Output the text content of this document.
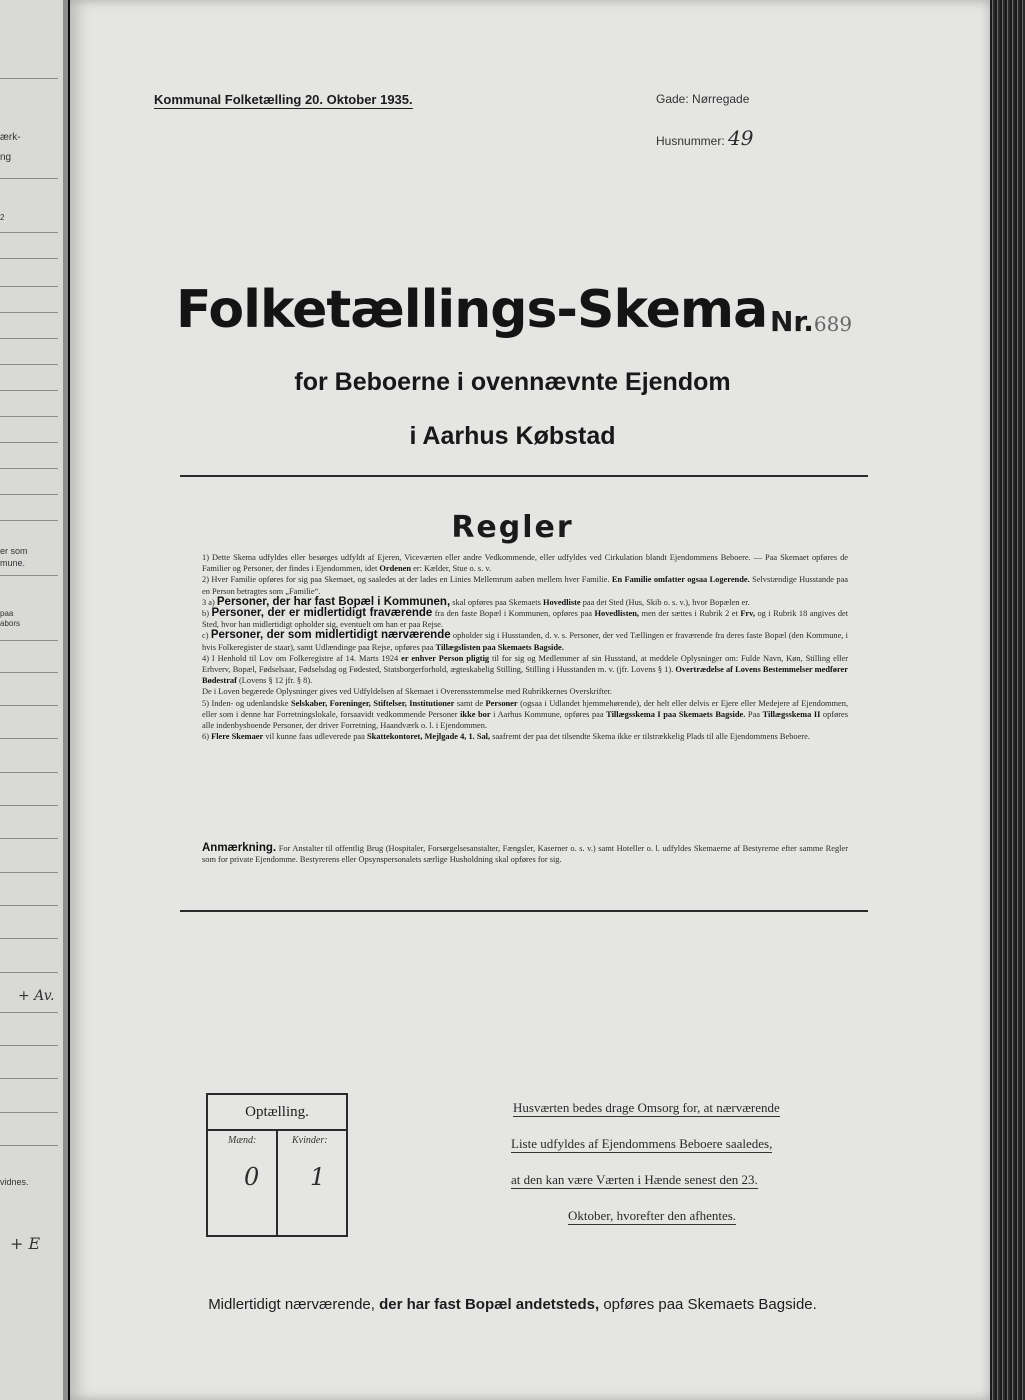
ærk-
ng
2
er som
mune.
paa
abors
+ Av.
vidnes.
+ E
Kommunal Folketælling 20. Oktober 1935.	Gade: Nørregade
Husnummer: 49
Folketællings-Skema Nr.689
for Beboerne i ovennævnte Ejendom
i Aarhus Købstad
Regler

1) Dette Skema udfyldes eller besørges udfyldt af Ejeren, Viceværten eller andre Vedkommende, eller udfyldes ved Cirkulation blandt Ejendommens Beboere. — Paa Skemaet opføres de Familier og Personer, der findes i Ejendommen, idet Ordenen er: Kælder, Stue o. s. v.

2) Hver Familie opføres for sig paa Skemaet, og saaledes at der lades en Linies Mellemrum aaben mellem hver Familie. En Familie omfatter ogsaa Logerende. Selvstændige Husstande paa en Person betragtes som „Familie“.

3 a) Personer, der har fast Bopæl i Kommunen, skal opføres paa Skemaets Hovedliste paa det Sted (Hus, Skib o. s. v.), hvor Bopælen er.

b) Personer, der er midlertidigt fraværende fra den faste Bopæl i Kommunen, opføres paa Hovedlisten, men der sættes i Rubrik 2 et Frv, og i Rubrik 18 angives det Sted, hvor han midlertidigt opholder sig, eventuelt om han er paa Rejse.

c) Personer, der som midlertidigt nærværende opholder sig i Husstanden, d. v. s. Personer, der ved Tællingen er fraværende fra deres faste Bopæl (den Kommune, i hvis Folkeregister de staar), samt Udlændinge paa Rejse, opføres paa Tillægslisten paa Skemaets Bagside.

4) I Henhold til Lov om Folkeregistre af 14. Marts 1924 er enhver Person pligtig til for sig og Medlemmer af sin Husstand, at meddele Oplysninger om: Fulde Navn, Køn, Stilling eller Erhverv, Bopæl, Fødselsaar, Fødselsdag og Fødested, Statsborgerforhold, ægteskabelig Stilling, Stilling i Husstanden m. v. (jfr. Lovens § 1). Overtrædelse af Lovens Bestemmelser medfører Bødestraf (Lovens § 12 jfr. § 8).

De i Loven begærede Oplysninger gives ved Udfyldelsen af Skemaet i Overensstemmelse med Rubrikkernes Overskrifter.

5) Inden- og udenlandske Selskaber, Foreninger, Stiftelser, Institutioner samt de Personer (ogsaa i Udlandet hjemmehørende), der helt eller delvis er Ejere eller Medejere af Ejendommen, eller som i denne har Forretningslokale, forsaavidt vedkommende Personer ikke bor i Aarhus Kommune, opføres paa Tillægsskema I paa Skemaets Bagside. Paa Tillægsskema II opføres alle indenbysboende Personer, der driver Forretning, Haandværk o. l. i Ejendommen.

6) Flere Skemaer vil kunne faas udleverede paa Skattekontoret, Mejlgade 4, 1. Sal, saafremt der paa det tilsendte Skema ikke er tilstrækkelig Plads til alle Ejendommens Beboere.

Anmærkning. For Anstalter til offentlig Brug (Hospitaler, Forsørgelsesanstalter, Fængsler, Kaserner o. s. v.) samt Hoteller o. l. udfyldes Skemaerne af Bestyrerne efter samme Regler som for private Ejendomme. Bestyrerens eller Opsynspersonalets særlige Husholdning skal opføres for sig.
Optælling.
Mænd:	Kvinder:
0 1
Husværten bedes drage Omsorg for, at nærværende
Liste udfyldes af Ejendommens Beboere saaledes,
at den kan være Værten i Hænde senest den 23.
Oktober, hvorefter den afhentes.
Midlertidigt nærværende, der har fast Bopæl andetsteds, opføres paa Skemaets Bagside.
